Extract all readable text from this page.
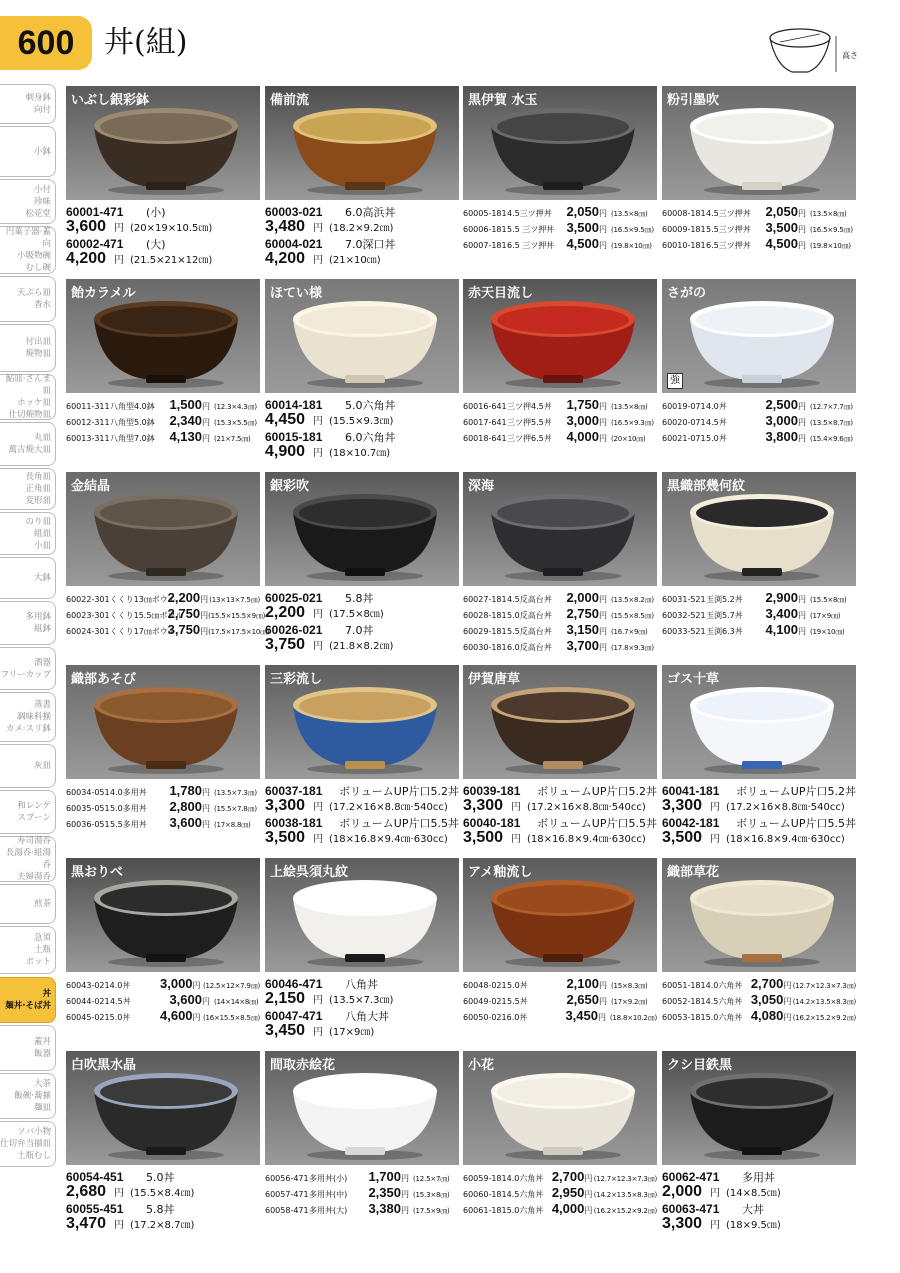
600 丼(組)	高さ
刺身鉢
向付
小鉢
小付
珍味
松花堂
円菓子器·蓋向
小吸物碗
むし碗
天ぷら皿
香水
付出皿
焼物皿
鮎皿·さんま皿
ホッケ皿
仕切焼物皿
丸皿
萬古焼大皿
長角皿
正角皿
変形皿
のり皿
組皿
小皿
大鉢
多用鉢
組鉢
酒器
フリーカップ
蒸書
調味料揃
カメ·スリ鉢
灰皿
和レンゲ
スプーン
寿司湯呑
長湯呑·組湯呑
夫婦湯呑
煎茶
急須
土瓶
ポット
丼
麺丼·そば丼
蓋丼
飯器
大茶
飯碗·蕎揃
麺皿
ソバ小物
仕切弁当揃皿
土瓶むし
いぶし銀彩鉢
60001-471	(小)
3,600 円 (20×19×10.5㎝)
60002-471	(大)
4,200 円 (21.5×21×12㎝)
備前流
60003-021	6.0高浜丼
3,480 円 (18.2×9.2㎝)
60004-021	7.0深口丼
4,200 円 (21×10㎝)
黒伊賀 水玉
60005-181 4.5三ツ押丼	2,050 円 (13.5×8㎝)
60006-181 5.5 三ツ押丼 3,500 円 (16.5×9.5㎝)
60007-181 6.5 三ツ押丼 4,500 円 (19.8×10㎝)
粉引墨吹
60008-181 4.5三ツ押丼	2,050 円 (13.5×8㎝)
60009-181 5.5三ツ押丼	3,500 円 (16.5×9.5㎝)
60010-181 6.5三ツ押丼	4,500 円 (19.8×10㎝)
飴カラメル
60011-311 八角型4.0鉢	1,500 円 (12.3×4.3㎝)
60012-311 八角型5.0鉢	2,340 円 (15.3×5.5㎝)
60013-311 八角型7.0鉢	4,130 円 (21×7.5㎝)
ほてい様
60014-181	5.0六角丼
4,450 円 (15.5×9.3㎝)
60015-181	6.0六角丼
4,900 円 (18×10.7㎝)
赤天目流し
60016-641 三ツ押4.5丼	1,750 円 (13.5×8㎝)
60017-641 三ツ押5.5丼	3,000 円 (16.5×9.3㎝)
60018-641 三ツ押6.5丼	4,000 円 (20×10㎝)
さがの
強
60019-071 4.0丼	2,500 円 (12.7×7.7㎝)
60020-071 4.5丼	3,000 円 (13.5×8.7㎝)
60021-071 5.0丼	3,800 円 (15.4×9.6㎝)
金結晶
60022-301 くくり13㎝ボウル
2,200 円 (13×13×7.5㎝)
60023-301 くくり15.5㎝ボウル
2,750 円 (15.5×15.5×9㎝)
60024-301 くくり17㎝ボウル
3,750 円 (17.5×17.5×10㎝)
銀彩吹
60025-021	5.8丼
2,200 円 (17.5×8㎝)
60026-021	7.0丼
3,750 円 (21.8×8.2㎝)
深海
60027-181 4.5反高台丼	2,000 円 (13.5×8.2㎝)
60028-181 5.0反高台丼	2,750 円 (15.5×8.5㎝)
60029-181 5.5反高台丼	3,150 円 (16.7×9㎝)
60030-181 6.0反高台丼	3,700 円 (17.8×9.3㎝)
黒織部幾何紋
60031-521 玉渕5.2丼	2,900 円 (15.5×8㎝)
60032-521 玉渕5.7丼	3,400 円 (17×9㎝)
60033-521 玉渕6.3丼	4,100 円 (19×10㎝)
織部あそび
60034-051 4.0多用丼	1,780 円 (13.5×7.3㎝)
60035-051 5.0多用丼	2,800 円 (15.5×7.8㎝)
60036-051 5.5多用丼	3,600 円 (17×8.8㎝)
三彩流し
60037-181	ボリュームUP片口5.2丼
3,300 円 (17.2×16×8.8㎝·540cc)
60038-181	ボリュームUP片口5.5丼
3,500 円 (18×16.8×9.4㎝·630cc)
伊賀唐草
60039-181	ボリュームUP片口5.2丼
3,300 円 (17.2×16×8.8㎝·540cc)
60040-181	ボリュームUP片口5.5丼
3,500 円 (18×16.8×9.4㎝·630cc)
ゴス十草
60041-181	ボリュームUP片口5.2丼
3,300 円 (17.2×16×8.8㎝·540cc)
60042-181	ボリュームUP片口5.5丼
3,500 円 (18×16.8×9.4㎝·630cc)
黒おりべ
60043-021 4.0丼	3,000 円 (12.5×12×7.9㎝)
60044-021 4.5丼	3,600 円 (14×14×8㎝)
60045-021 5.0丼	4,600 円 (16×15.5×8.5㎝)
上絵呉須丸紋
60046-471	八角丼
2,150 円 (13.5×7.3㎝)
60047-471	八角大丼
3,450 円 (17×9㎝)
アメ釉流し
60048-021 5.0丼	2,100 円 (15×8.3㎝)
60049-021 5.5丼	2,650 円 (17×9.2㎝)
60050-021 6.0丼	3,450 円 (18.8×10.2㎝)
織部草花
60051-181 4.0六角丼 2,700 円 (12.7×12.3×7.3㎝)
60052-181 4.5六角丼 3,050 円 (14.2×13.5×8.3㎝)
60053-181 5.0六角丼 4,080 円 (16.2×15.2×9.2㎝)
白吹黒水晶
60054-451	5.0丼
2,680 円 (15.5×8.4㎝)
60055-451	5.8丼
3,470 円 (17.2×8.7㎝)
間取赤絵花
60056-471 多用丼(小)	1,700 円 (12.5×7㎝)
60057-471 多用丼(中)	2,350 円 (15.3×8㎝)
60058-471 多用丼(大)	3,380 円 (17.5×9㎝)
小花
60059-181 4.0六角丼 2,700 円 (12.7×12.3×7.3㎝)
60060-181 4.5六角丼 2,950 円 (14.2×13.5×8.3㎝)
60061-181 5.0六角丼 4,000 円 (16.2×15.2×9.2㎝)
クシ目鉄黒
60062-471	多用丼
2,000 円 (14×8.5㎝)
60063-471	大丼
3,300 円 (18×9.5㎝)
